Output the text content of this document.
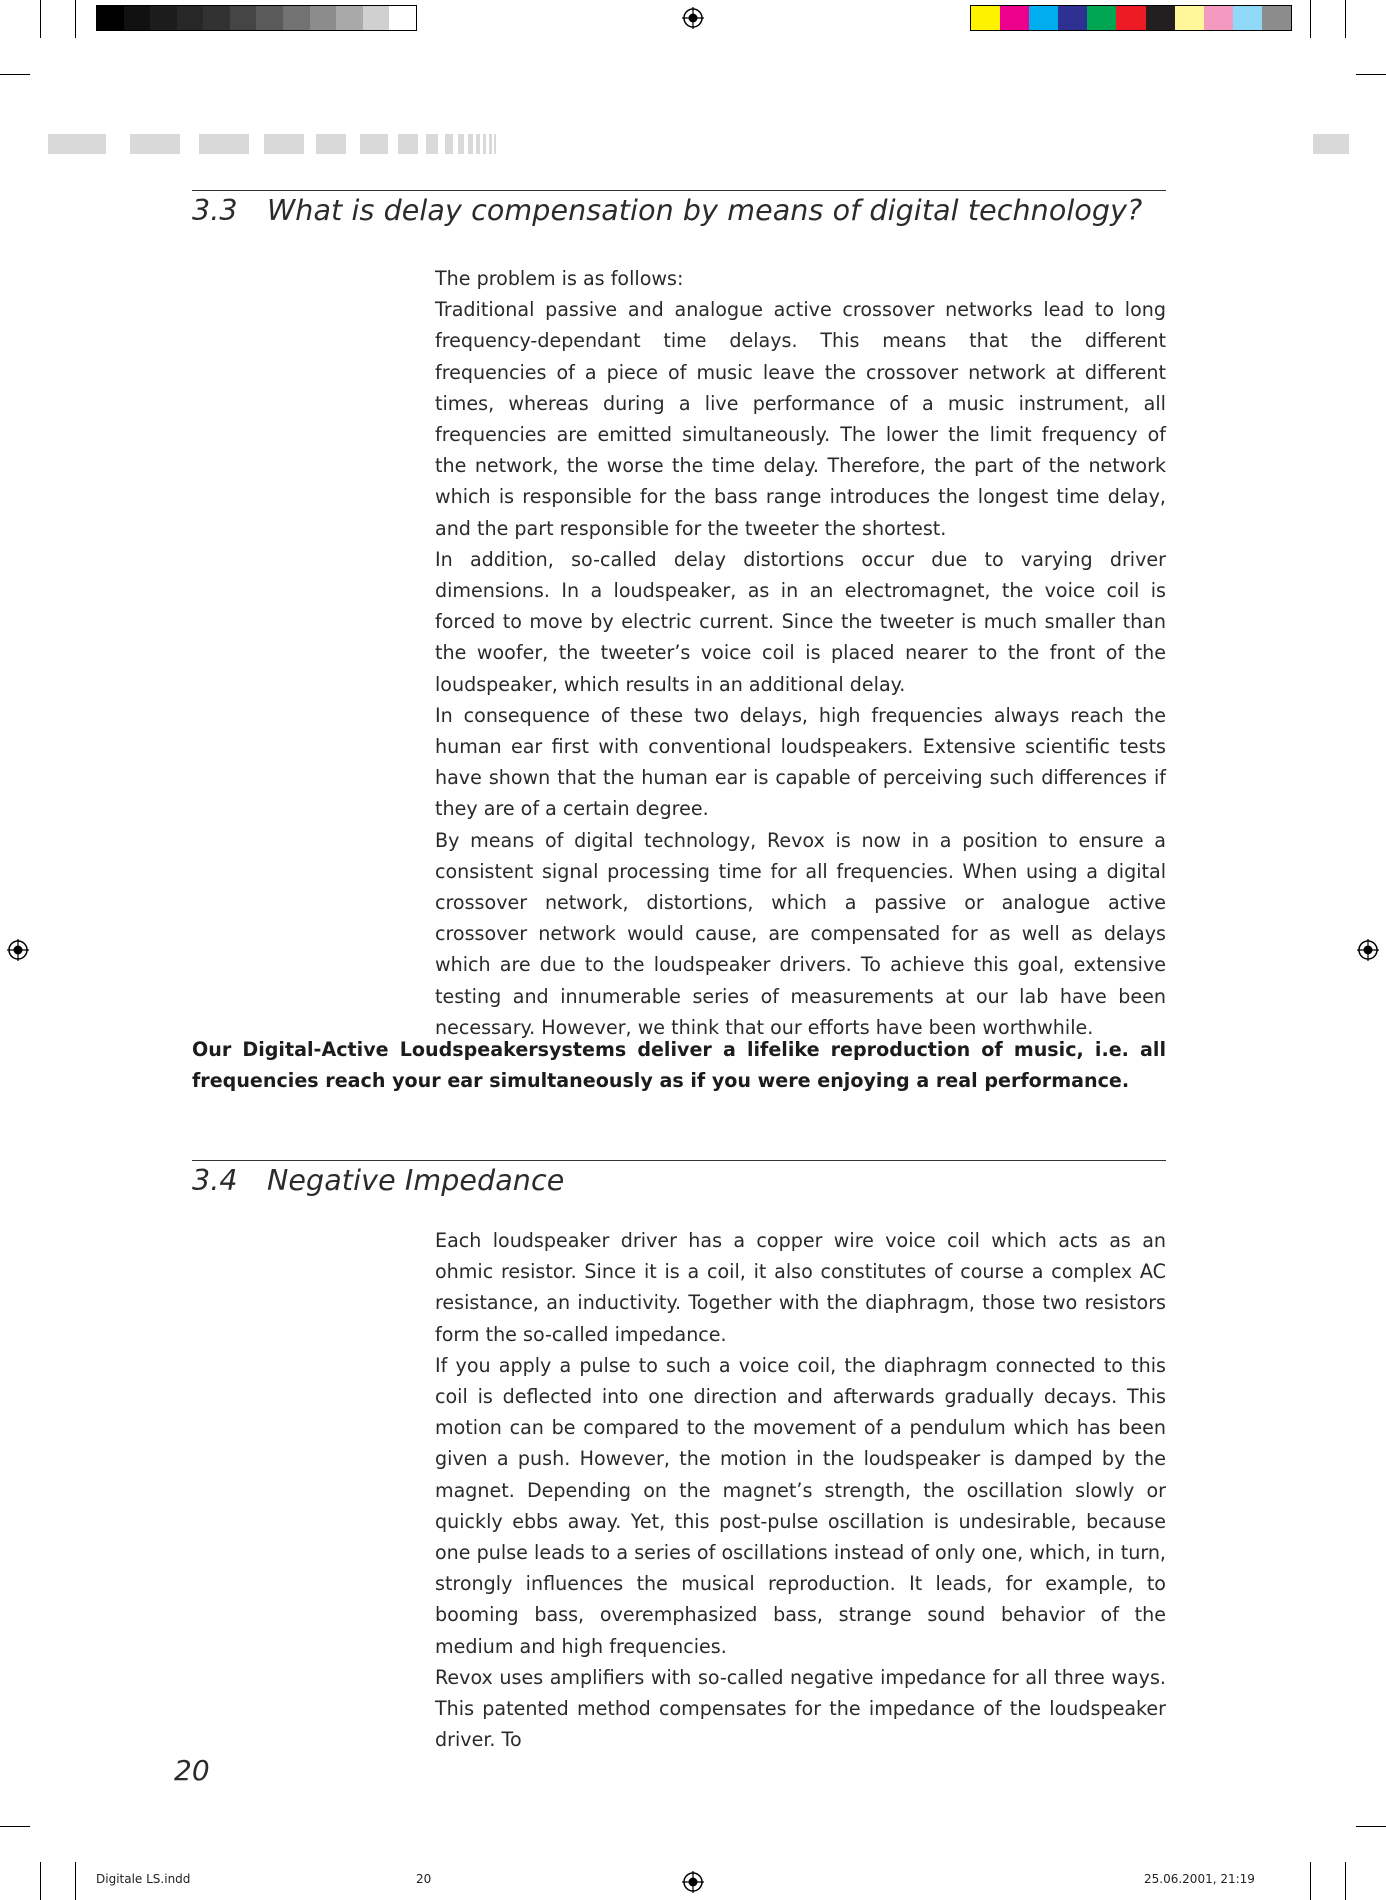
3.3 What is delay compensation by means of digital technology?

The problem is as follows:

Traditional passive and analogue active crossover networks lead to long frequency-dependant time delays. This means that the different frequencies of a piece of music leave the crossover network at different times, whereas during a live performance of a music instrument, all frequencies are emitted simultaneously. The lower the limit frequency of the network, the worse the time delay. Therefore, the part of the network which is responsible for the bass range introduces the longest time delay, and the part responsible for the tweeter the shortest.

In addition, so-called delay distortions occur due to varying driver dimensions. In a loudspeaker, as in an electromagnet, the voice coil is forced to move by electric current. Since the tweeter is much smaller than the woofer, the tweeter’s voice coil is placed nearer to the front of the loudspeaker, which results in an additional delay.

In consequence of these two delays, high frequencies always reach the human ear first with conventional loudspeakers. Extensive scientific tests have shown that the human ear is capable of perceiving such differences if they are of a certain degree.

By means of digital technology, Revox is now in a position to ensure a consistent signal processing time for all frequencies. When using a digital crossover network, distortions, which a passive or analogue active crossover network would cause, are compensated for as well as delays which are due to the loudspeaker drivers. To achieve this goal, extensive testing and innumerable series of measurements at our lab have been necessary. However, we think that our efforts have been worthwhile.

Our Digital-Active Loudspeakersystems deliver a lifelike reproduction of music, i.e. all frequencies reach your ear simultaneously as if you were enjoying a real performance.
3.4 Negative Impedance

Each loudspeaker driver has a copper wire voice coil which acts as an ohmic resistor. Since it is a coil, it also constitutes of course a complex AC resistance, an inductivity. Together with the diaphragm, those two resistors form the so-called impedance.

If you apply a pulse to such a voice coil, the diaphragm connected to this coil is deflected into one direction and afterwards gradually decays. This motion can be compared to the movement of a pendulum which has been given a push. However, the motion in the loudspeaker is damped by the magnet. Depending on the magnet’s strength, the oscillation slowly or quickly ebbs away. Yet, this post-pulse oscillation is undesirable, because one pulse leads to a series of oscillations instead of only one, which, in turn, strongly influences the musical reproduction. It leads, for example, to booming bass, overemphasized bass, strange sound behavior of the medium and high frequencies.

Revox uses amplifiers with so-called negative impedance for all three ways. This patented method compensates for the impedance of the loudspeaker driver. To

20
Digitale LS.indd	20	25.06.2001, 21:19
